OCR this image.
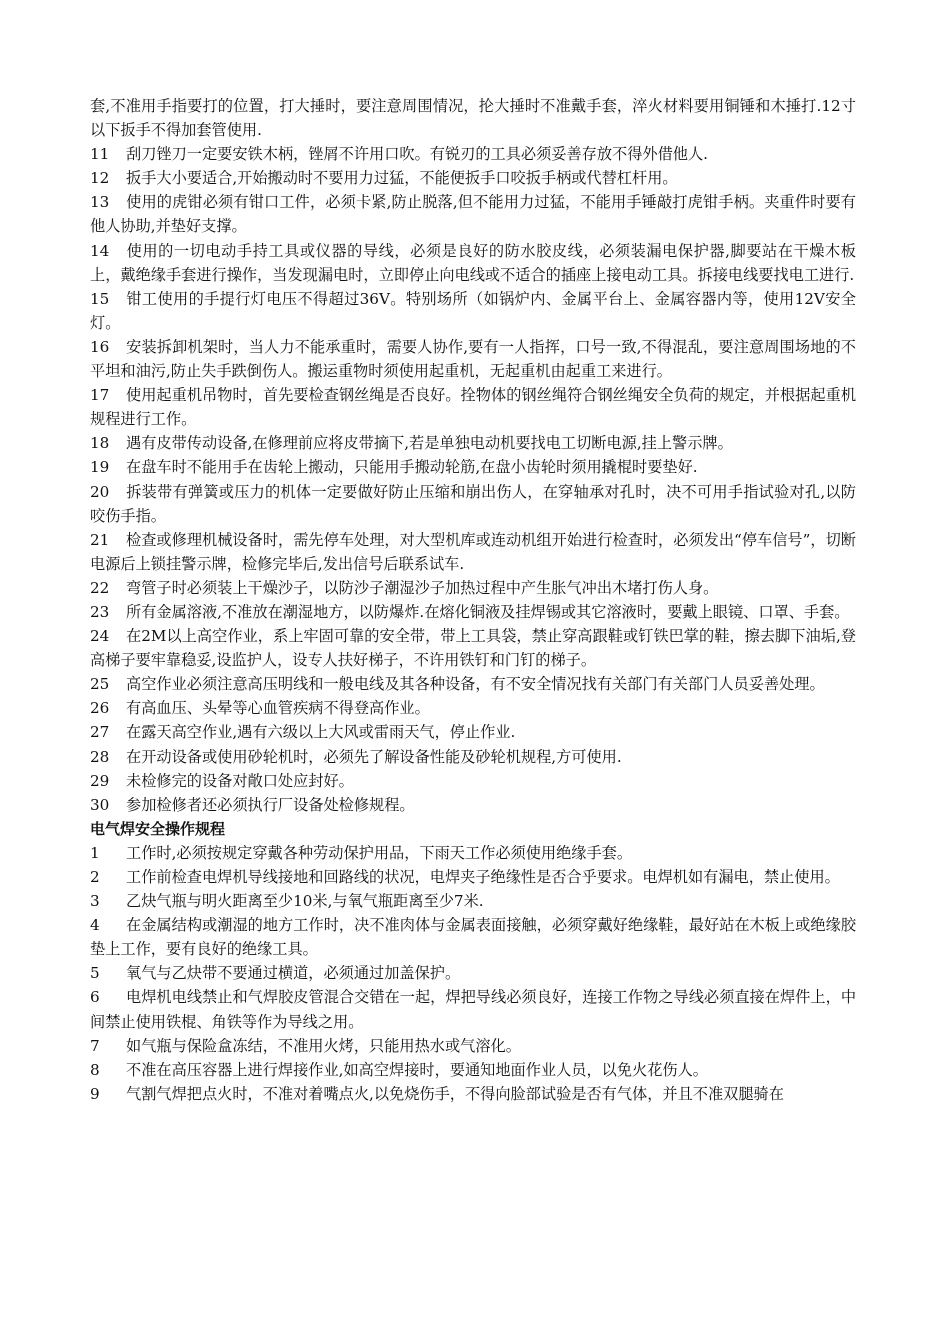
套,不准用手指要打的位置，打大捶时，要注意周围情况，抡大捶时不准戴手套，淬火材料要用铜锤和木捶打.12寸以下扳手不得加套管使用.

11 刮刀锉刀一定要安铁木柄，锉屑不许用口吹。有锐刃的工具必须妥善存放不得外借他人.

12 扳手大小要适合,开始搬动时不要用力过猛，不能便扳手口咬扳手柄或代替杠杆用。

13 使用的虎钳必须有钳口工件，必须卡紧,防止脱落,但不能用力过猛，不能用手锤敲打虎钳手柄。夹重件时要有他人协助,并垫好支撑。

14 使用的一切电动手持工具或仪器的导线，必须是良好的防水胶皮线，必须装漏电保护器,脚要站在干燥木板上，戴绝缘手套进行操作，当发现漏电时，立即停止向电线或不适合的插座上接电动工具。拆接电线要找电工进行.

15 钳工使用的手提行灯电压不得超过36V。特别场所（如锅炉内、金属平台上、金属容器内等，使用12V安全灯。

16 安装拆卸机架时，当人力不能承重时，需要人协作,要有一人指挥，口号一致,不得混乱，要注意周围场地的不平坦和油污,防止失手跌倒伤人。搬运重物时须使用起重机，无起重机由起重工来进行。

17 使用起重机吊物时，首先要检查钢丝绳是否良好。拴物体的钢丝绳符合钢丝绳安全负荷的规定，并根据起重机规程进行工作。

18 遇有皮带传动设备,在修理前应将皮带摘下,若是单独电动机要找电工切断电源,挂上警示牌。

19 在盘车时不能用手在齿轮上搬动，只能用手搬动轮筋,在盘小齿轮时须用撬棍时要垫好.

20 拆装带有弹簧或压力的机体一定要做好防止压缩和崩出伤人，在穿轴承对孔时，决不可用手指试验对孔,以防咬伤手指。

21 检查或修理机械设备时，需先停车处理，对大型机库或连动机组开始进行检查时，必须发出“停车信号”，切断电源后上锁挂警示牌，检修完毕后,发出信号后联系试车.

22 弯管子时必须装上干燥沙子，以防沙子潮湿沙子加热过程中产生胀气冲出木堵打伤人身。

23 所有金属溶液,不准放在潮湿地方，以防爆炸.在熔化铜液及挂焊锡或其它溶液时，要戴上眼镜、口罩、手套。

24 在2M以上高空作业，系上牢固可靠的安全带，带上工具袋，禁止穿高跟鞋或钉铁巴掌的鞋，擦去脚下油垢,登高梯子要牢靠稳妥,设监护人，设专人扶好梯子，不许用铁钉和门钉的梯子。

25 高空作业必须注意高压明线和一般电线及其各种设备，有不安全情况找有关部门有关部门人员妥善处理。

26 有高血压、头晕等心血管疾病不得登高作业。

27 在露天高空作业,遇有六级以上大风或雷雨天气，停止作业.

28 在开动设备或使用砂轮机时，必须先了解设备性能及砂轮机规程,方可使用.

29 未检修完的设备对敞口处应封好。

30 参加检修者还必须执行厂设备处检修规程。

电气焊安全操作规程

1 工作时,必须按规定穿戴各种劳动保护用品，下雨天工作必须使用绝缘手套。

2 工作前检查电焊机导线接地和回路线的状况，电焊夹子绝缘性是否合乎要求。电焊机如有漏电，禁止使用。

3 乙炔气瓶与明火距离至少10米,与氧气瓶距离至少7米.

4 在金属结构或潮湿的地方工作时，决不准肉体与金属表面接触，必须穿戴好绝缘鞋，最好站在木板上或绝缘胶垫上工作，要有良好的绝缘工具。

5 氧气与乙炔带不要通过横道，必须通过加盖保护。

6 电焊机电线禁止和气焊胶皮管混合交错在一起，焊把导线必须良好，连接工作物之导线必须直接在焊件上，中间禁止使用铁棍、角铁等作为导线之用。

7 如气瓶与保险盒冻结，不准用火烤，只能用热水或气溶化。

8 不准在高压容器上进行焊接作业,如高空焊接时，要通知地面作业人员，以免火花伤人。

9 气割气焊把点火时，不准对着嘴点火,以免烧伤手，不得向脸部试验是否有气体，并且不准双腿骑在
